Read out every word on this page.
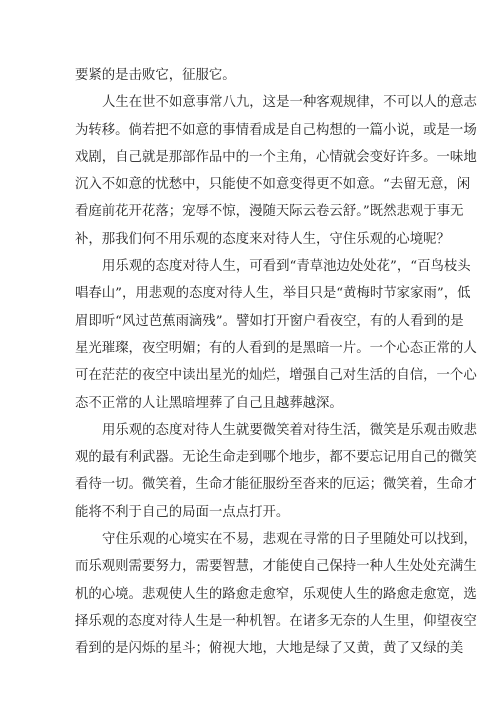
要紧的是击败它，征服它。
人生在世不如意事常八九，这是一种客观规律，不可以人的意志
为转移。倘若把不如意的事情看成是自己构想的一篇小说，或是一场
戏剧，自己就是那部作品中的一个主角，心情就会变好许多。一味地
沉入不如意的忧愁中，只能使不如意变得更不如意。“去留无意，闲
看庭前花开花落；宠辱不惊，漫随天际云卷云舒。”既然悲观于事无
补，那我们何不用乐观的态度来对待人生，守住乐观的心境呢？
用乐观的态度对待人生，可看到“青草池边处处花”，“百鸟枝头
唱春山”，用悲观的态度对待人生，举目只是“黄梅时节家家雨”，低
眉即听“风过芭蕉雨滴残”。譬如打开窗户看夜空，有的人看到的是
星光璀璨，夜空明媚；有的人看到的是黑暗一片。一个心态正常的人
可在茫茫的夜空中读出星光的灿烂，增强自己对生活的自信，一个心
态不正常的人让黑暗埋葬了自己且越葬越深。
用乐观的态度对待人生就要微笑着对待生活，微笑是乐观击败悲
观的最有利武器。无论生命走到哪个地步，都不要忘记用自己的微笑
看待一切。微笑着，生命才能征服纷至沓来的厄运；微笑着，生命才
能将不利于自己的局面一点点打开。
守住乐观的心境实在不易，悲观在寻常的日子里随处可以找到，
而乐观则需要努力，需要智慧，才能使自己保持一种人生处处充满生
机的心境。悲观使人生的路愈走愈窄，乐观使人生的路愈走愈宽，选
择乐观的态度对待人生是一种机智。在诸多无奈的人生里，仰望夜空
看到的是闪烁的星斗；俯视大地，大地是绿了又黄，黄了又绿的美
